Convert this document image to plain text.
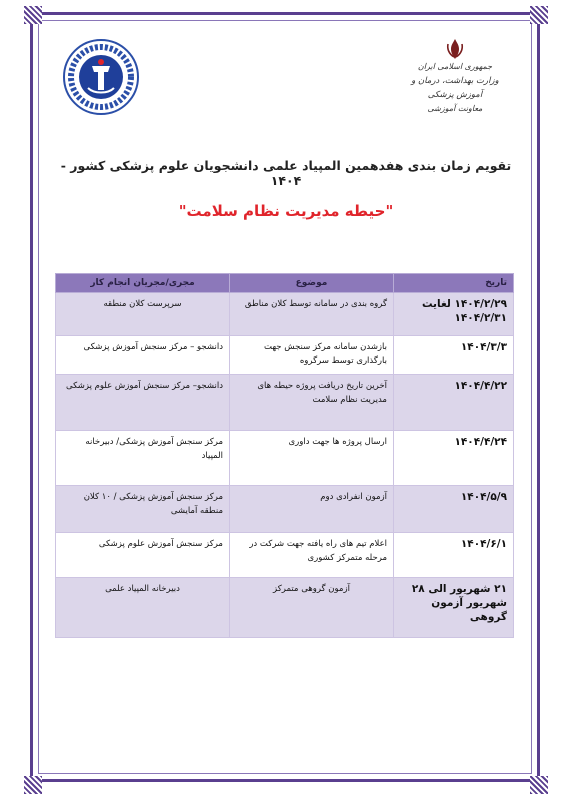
جمهوری اسلامی ایران
وزارت بهداشت، درمان و آموزش پزشکی
معاونت آموزشی
تقویم زمان بندی هفدهمین المپیاد علمی دانشجویان علوم پزشکی کشور - ۱۴۰۴
"حیطه مدیریت نظام سلامت"
تاریخ	موضوع	مجری/مجریان انجام کار
۱۴۰۴/۲/۲۹ لغایت ۱۴۰۴/۲/۳۱	گروه بندی در سامانه توسط کلان مناطق	سرپرست کلان منطقه
۱۴۰۴/۳/۳	بازشدن سامانه مرکز سنجش جهت بارگذاری توسط سرگروه	دانشجو – مرکز سنجش آموزش پزشکی
۱۴۰۴/۴/۲۲	آخرین تاریخ دریافت پروژه حیطه های مدیریت نظام سلامت	دانشجو– مرکز سنجش آموزش علوم پزشکی
۱۴۰۴/۴/۲۴	ارسال پروژه ها جهت داوری	مرکز سنجش آموزش پزشکی/ دبیرخانه المپیاد
۱۴۰۴/۵/۹	آزمون انفرادی دوم	مرکز سنجش آموزش پزشکی / ۱۰ کلان منطقه آمایشی
۱۴۰۴/۶/۱	اعلام تیم های راه یافته جهت شرکت در مرحله متمرکز کشوری	مرکز سنجش آموزش علوم پزشکی
۲۱ شهریور الی ۲۸ شهریور آزمون گروهی	آزمون گروهی متمرکز	دبیرخانه المپیاد علمی
